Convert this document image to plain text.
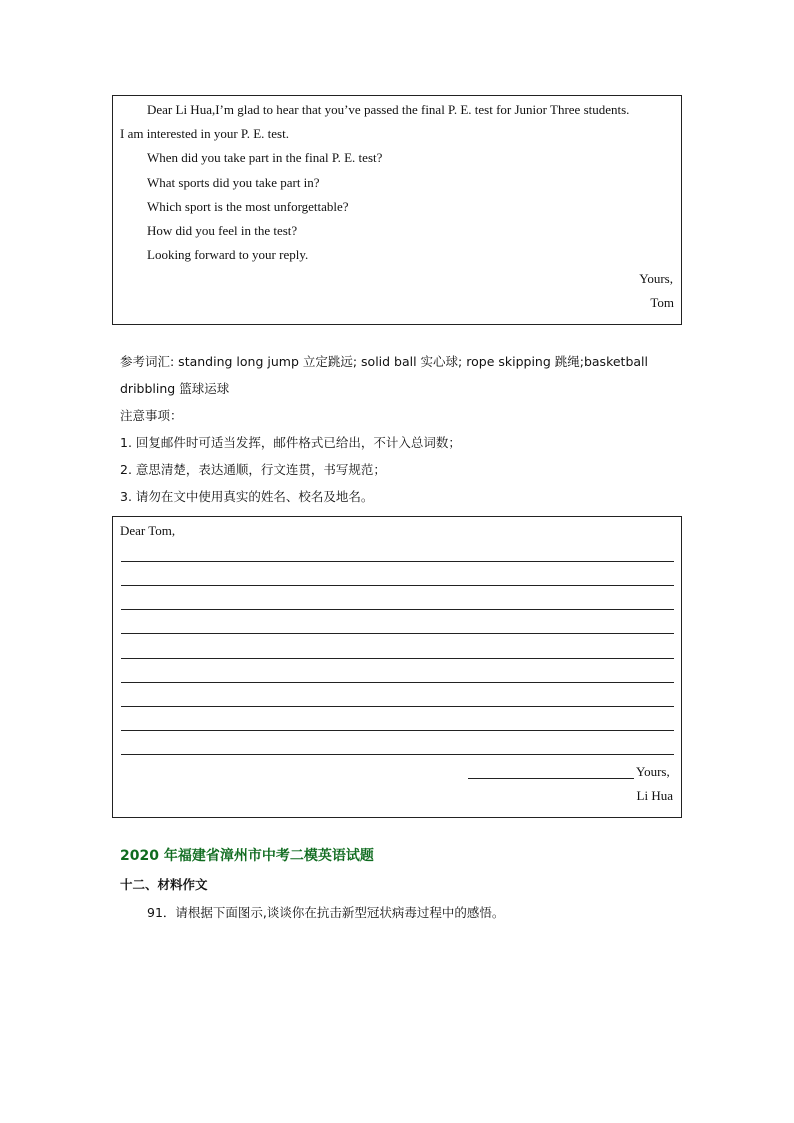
Dear Li Hua,I’m glad to hear that you’ve passed the final P. E. test for Junior Three students.
I am interested in your P. E. test.
When did you take part in the final P. E. test?
What sports did you take part in?
Which sport is the most unforgettable?
How did you feel in the test?
Looking forward to your reply.
Yours,
Tom
参考词汇: standing long jump 立定跳远; solid ball 实心球; rope skipping 跳绳;basketball
dribbling 篮球运球
注意事项：
1. 回复邮件时可适当发挥，邮件格式已给出，不计入总词数；
2. 意思清楚，表达通顺，行文连贯，书写规范；
3. 请勿在文中使用真实的姓名、校名及地名。
Dear Tom,
Yours,
Li Hua
2020 年福建省漳州市中考二模英语试题
十二、材料作文
91．请根据下面图示,谈谈你在抗击新型冠状病毒过程中的感悟。
